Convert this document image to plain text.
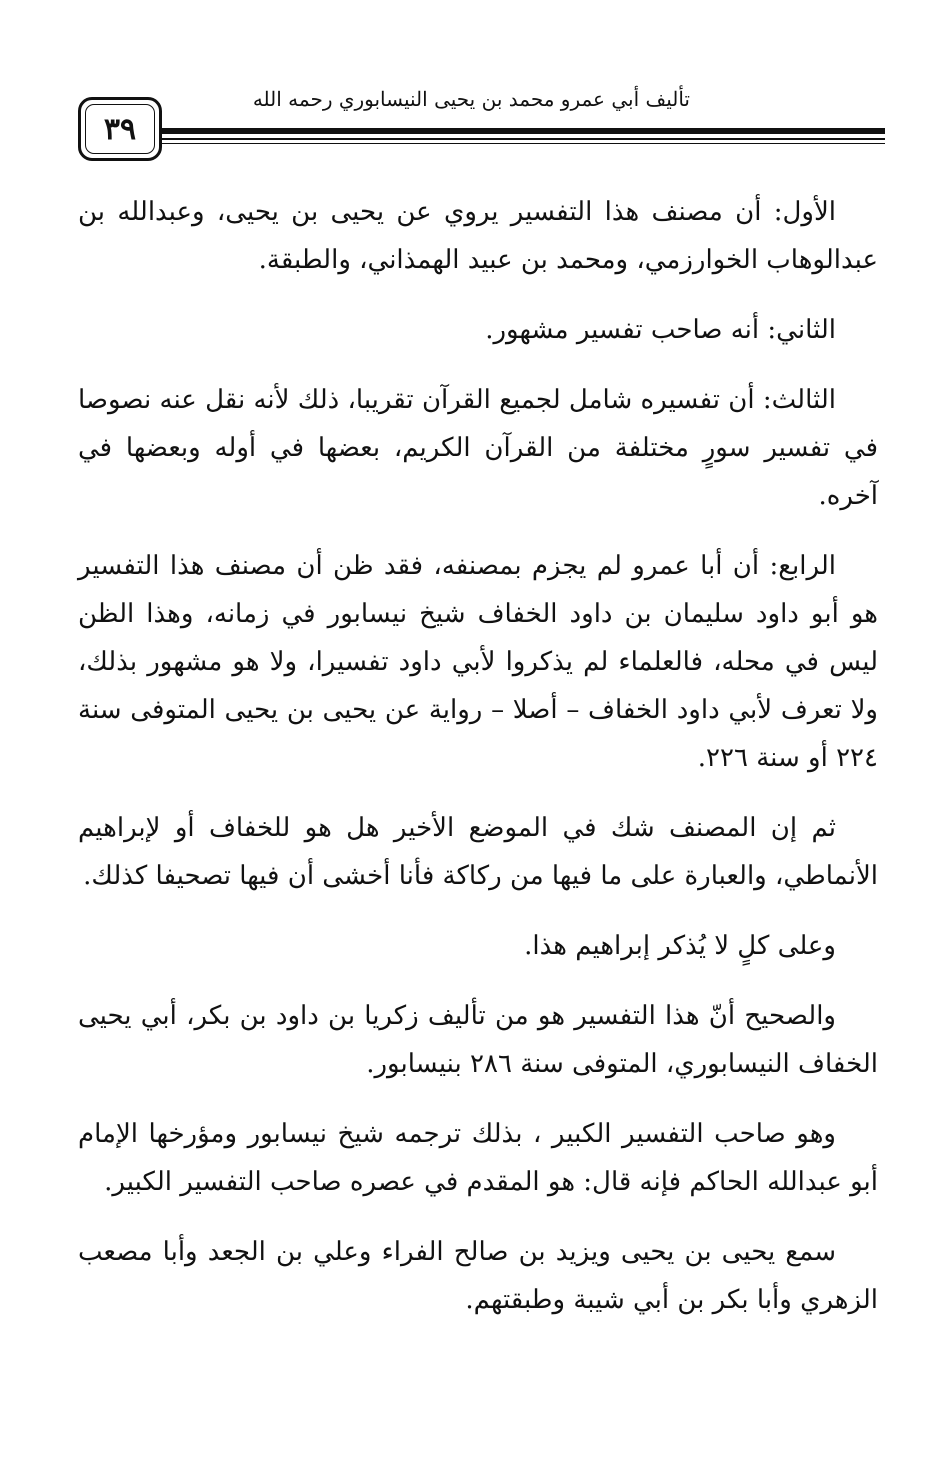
تأليف أبي عمرو محمد بن يحيى النيسابوري رحمه الله
٣٩

الأول: أن مصنف هذا التفسير يروي عن يحيى بن يحيى، وعبدالله بن عبدالوهاب الخوارزمي، ومحمد بن عبيد الهمذاني، والطبقة.

الثاني: أنه صاحب تفسير مشهور.

الثالث: أن تفسيره شامل لجميع القرآن تقريبا، ذلك لأنه نقل عنه نصوصا في تفسير سورٍ مختلفة من القرآن الكريم، بعضها في أوله وبعضها في آخره.

الرابع: أن أبا عمرو لم يجزم بمصنفه، فقد ظن أن مصنف هذا التفسير هو أبو داود سليمان بن داود الخفاف شيخ نيسابور في زمانه، وهذا الظن ليس في محله، فالعلماء لم يذكروا لأبي داود تفسيرا، ولا هو مشهور بذلك، ولا تعرف لأبي داود الخفاف – أصلا – رواية عن يحيى بن يحيى المتوفى سنة ٢٢٤ أو سنة ٢٢٦.

ثم إن المصنف شك في الموضع الأخير هل هو للخفاف أو لإبراهيم الأنماطي، والعبارة على ما فيها من ركاكة فأنا أخشى أن فيها تصحيفا كذلك.

وعلى كلٍ لا يُذكر إبراهيم هذا.

والصحيح أنّ هذا التفسير هو من تأليف زكريا بن داود بن بكر، أبي يحيى الخفاف النيسابوري، المتوفى سنة ٢٨٦ بنيسابور.

وهو صاحب التفسير الكبير ، بذلك ترجمه شيخ نيسابور ومؤرخها الإمام أبو عبدالله الحاكم فإنه قال: هو المقدم في عصره صاحب التفسير الكبير.

سمع يحيى بن يحيى ويزيد بن صالح الفراء وعلي بن الجعد وأبا مصعب الزهري وأبا بكر بن أبي شيبة وطبقتهم.
